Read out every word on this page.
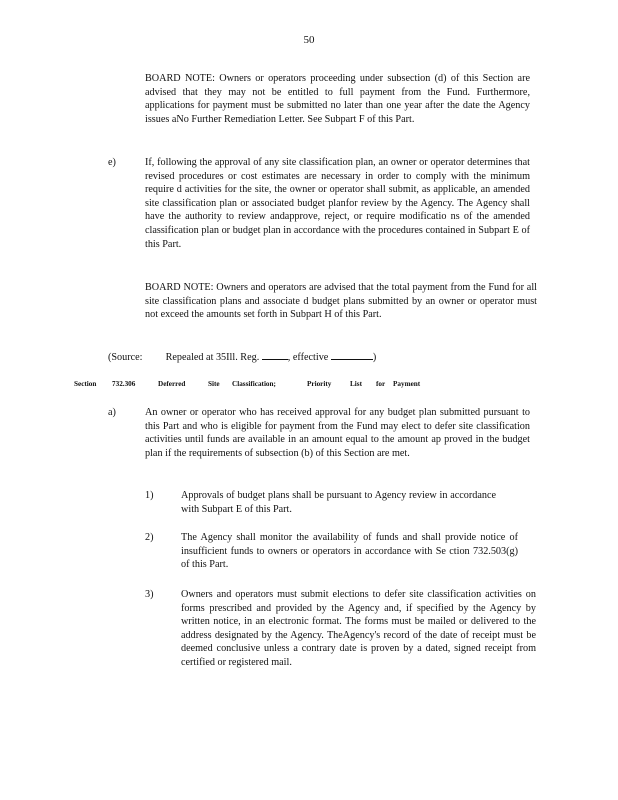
50
BOARD NOTE: Owners or operators proceeding under subsection (d) of this Section are advised that they may not be entitled to full payment from the Fund. Furthermore, applications for payment must be submitted no later than one year after the date the Agency issues aNo Further Remediation Letter. See Subpart F of this Part.
e)	If, following the approval of any site classification plan, an owner or operator determines that revised procedures or cost estimates are necessary in order to comply with the minimum require d activities for the site, the owner or operator shall submit, as applicable, an amended site classification plan or associated budget planfor review by the Agency. The Agency shall have the authority to review andapprove, reject, or require modificatio ns of the amended classification plan or budget plan in accordance with the procedures contained in Subpart E of this Part.
BOARD NOTE: Owners and operators are advised that the total payment from the Fund for all site classification plans and associate d budget plans submitted by an owner or operator must not exceed the amounts set forth in Subpart H of this Part.
(Source: Repealed at 35Ill. Reg.	, effective	)
Section 732.306	Deferred	Site Classification;	Priority	List for Payment
a)	An owner or operator who has received approval for any budget plan submitted pursuant to this Part and who is eligible for payment from the Fund may elect to defer site classification activities until funds are available in an amount equal to the amount ap proved in the budget plan if the requirements of subsection (b) of this Section are met.
1)	Approvals of budget plans shall be pursuant to Agency review in accordance with Subpart E of this Part.
2)	The Agency shall monitor the availability of funds and shall provide notice of insufficient funds to owners or operators in accordance with Se ction 732.503(g) of this Part.
3)	Owners and operators must submit elections to defer site classification activities on forms prescribed and provided by the Agency and, if specified by the Agency by written notice, in an electronic format. The forms must be mailed or delivered to the address designated by the Agency. TheAgency's record of the date of receipt must be deemed conclusive unless a contrary date is proven by a dated, signed receipt from certified or registered mail.
